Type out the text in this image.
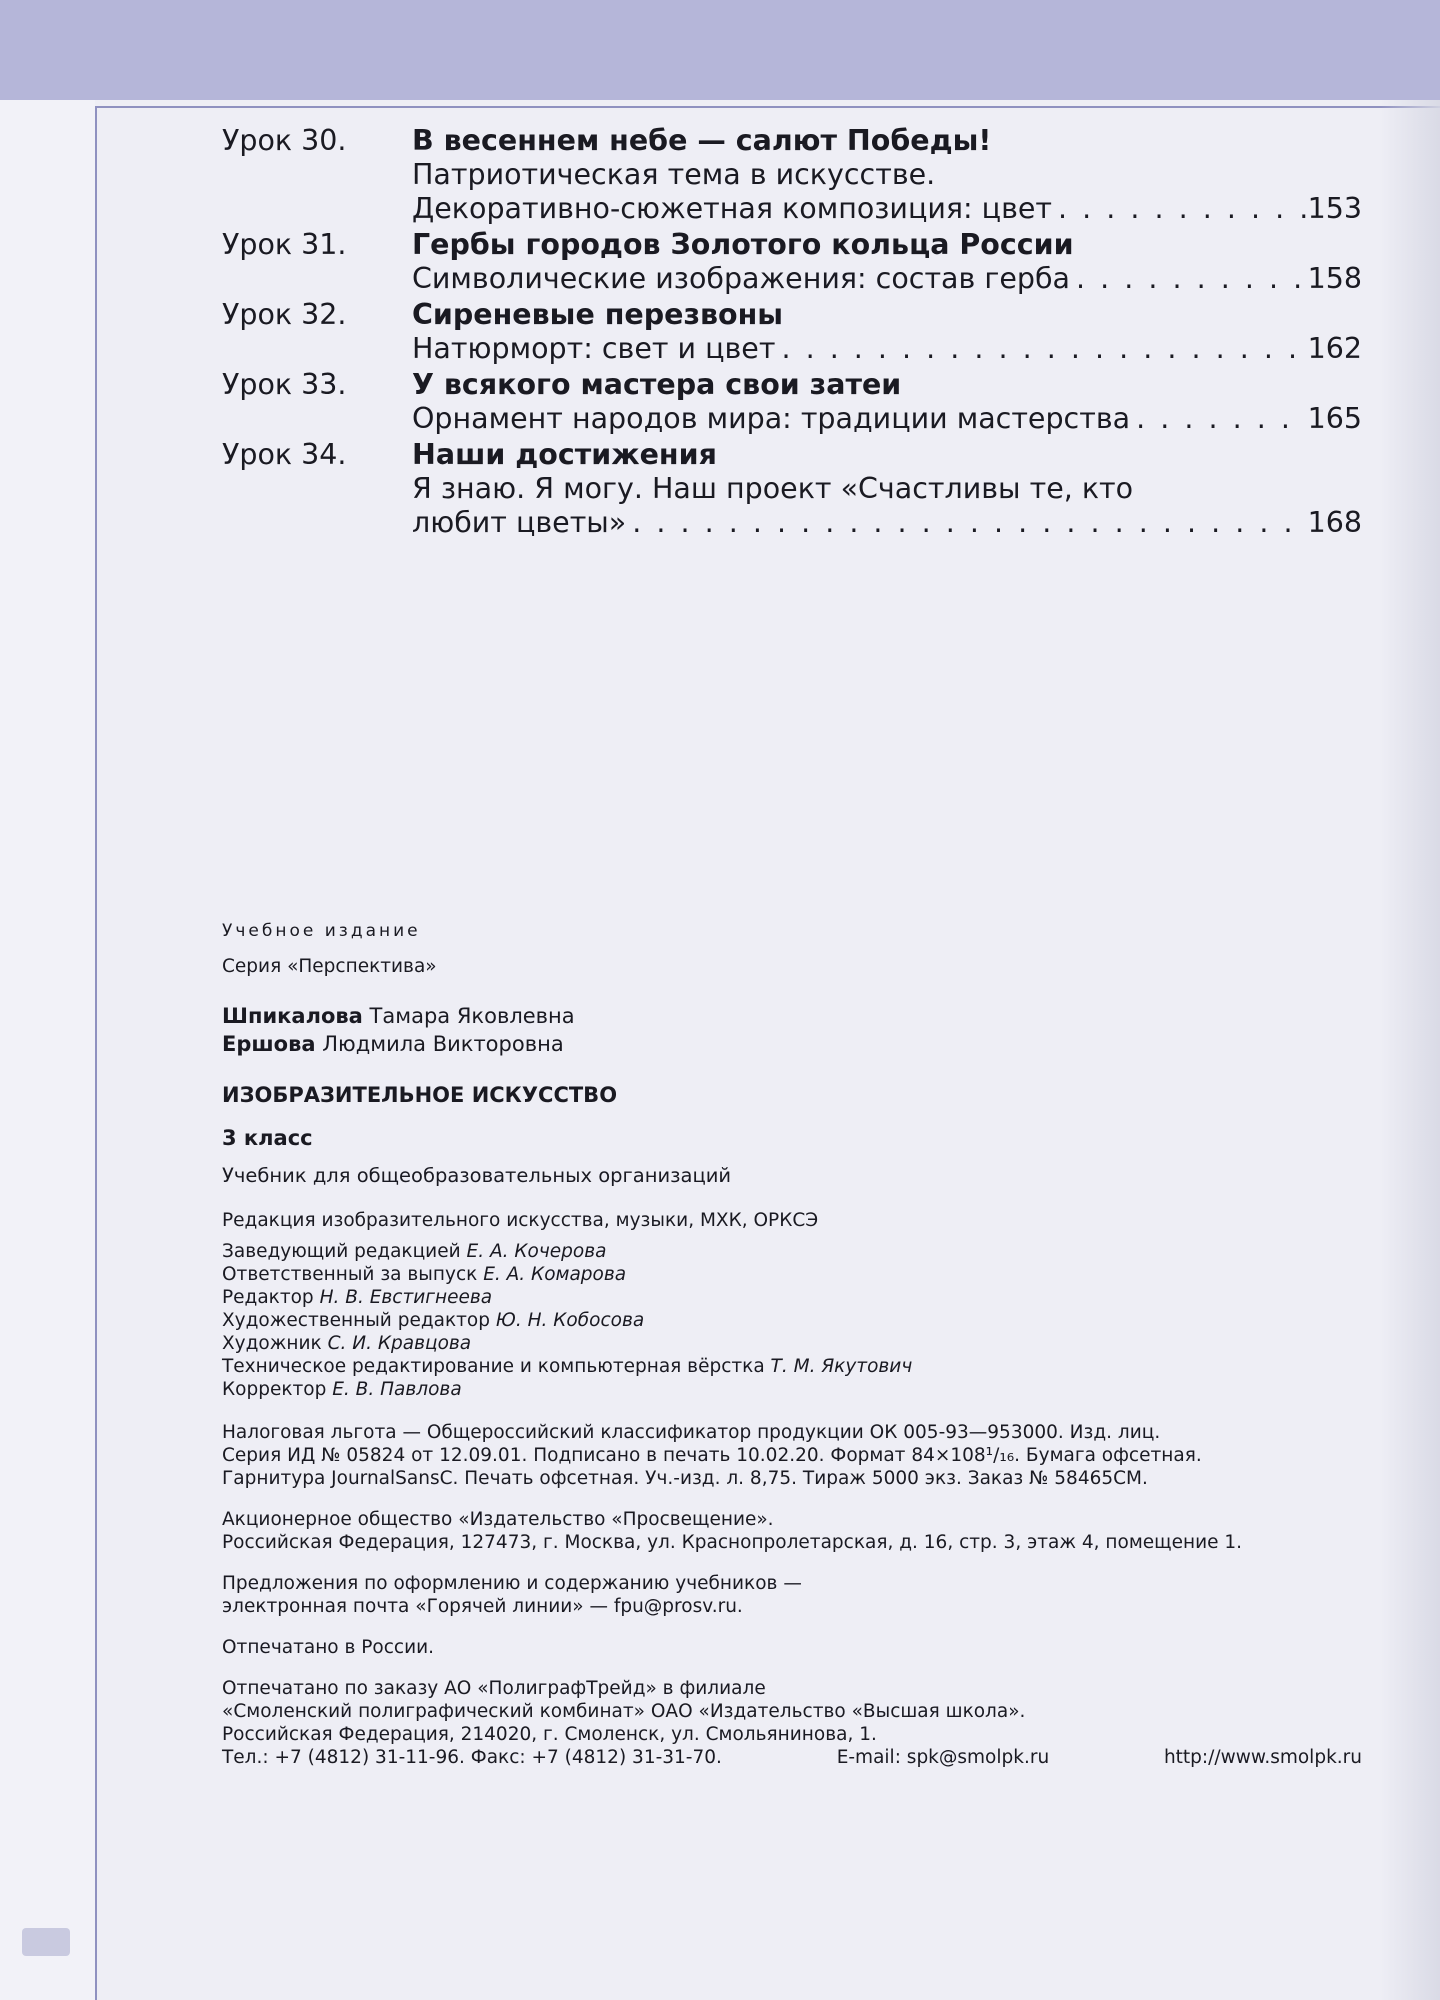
Урок 30.	В весеннем небе — салют Победы!
Патриотическая тема в искусстве.
Декоративно-сюжетная композиция: цвет . . .	153
Урок 31.	Гербы городов Золотого кольца России
Символические изображения: состав герба . . .	158
Урок 32.	Сиреневые перезвоны
Натюрморт: свет и цвет . . .	162
Урок 33.	У всякого мастера свои затеи
Орнамент народов мира: традиции мастерства . . .	165
Урок 34.	Наши достижения
Я знаю. Я могу. Наш проект «Счастливы те, кто
любит цветы» . . .	168
Учебное издание
Серия «Перспектива»
Шпикалова Тамара Яковлевна
Ершова Людмила Викторовна
ИЗОБРАЗИТЕЛЬНОЕ ИСКУССТВО
3 класс
Учебник для общеобразовательных организаций
Редакция изобразительного искусства, музыки, МХК, ОРКСЭ
Заведующий редакцией Е. А. Кочерова
Ответственный за выпуск Е. А. Комарова
Редактор Н. В. Евстигнеева
Художественный редактор Ю. Н. Кобосова
Художник С. И. Кравцова
Техническое редактирование и компьютерная вёрстка Т. М. Якутович
Корректор Е. В. Павлова
Налоговая льгота — Общероссийский классификатор продукции ОК 005-93—953000. Изд. лиц.
Серия ИД № 05824 от 12.09.01. Подписано в печать 10.02.20. Формат 84×108¹/₁₆. Бумага офсетная.
Гарнитура JournalSansC. Печать офсетная. Уч.-изд. л. 8,75. Тираж 5000 экз. Заказ № 58465СМ.
Акционерное общество «Издательство «Просвещение».
Российская Федерация, 127473, г. Москва, ул. Краснопролетарская, д. 16, стр. 3, этаж 4, помещение 1.
Предложения по оформлению и содержанию учебников —
электронная почта «Горячей линии» — fpu@prosv.ru.
Отпечатано в России.
Отпечатано по заказу АО «ПолиграфТрейд» в филиале
«Смоленский полиграфический комбинат» ОАО «Издательство «Высшая школа».
Российская Федерация, 214020, г. Смоленск, ул. Смольянинова, 1.
Тел.: +7 (4812) 31-11-96. Факс: +7 (4812) 31-31-70.	E-mail: spk@smolpk.ru	http://www.smolpk.ru
